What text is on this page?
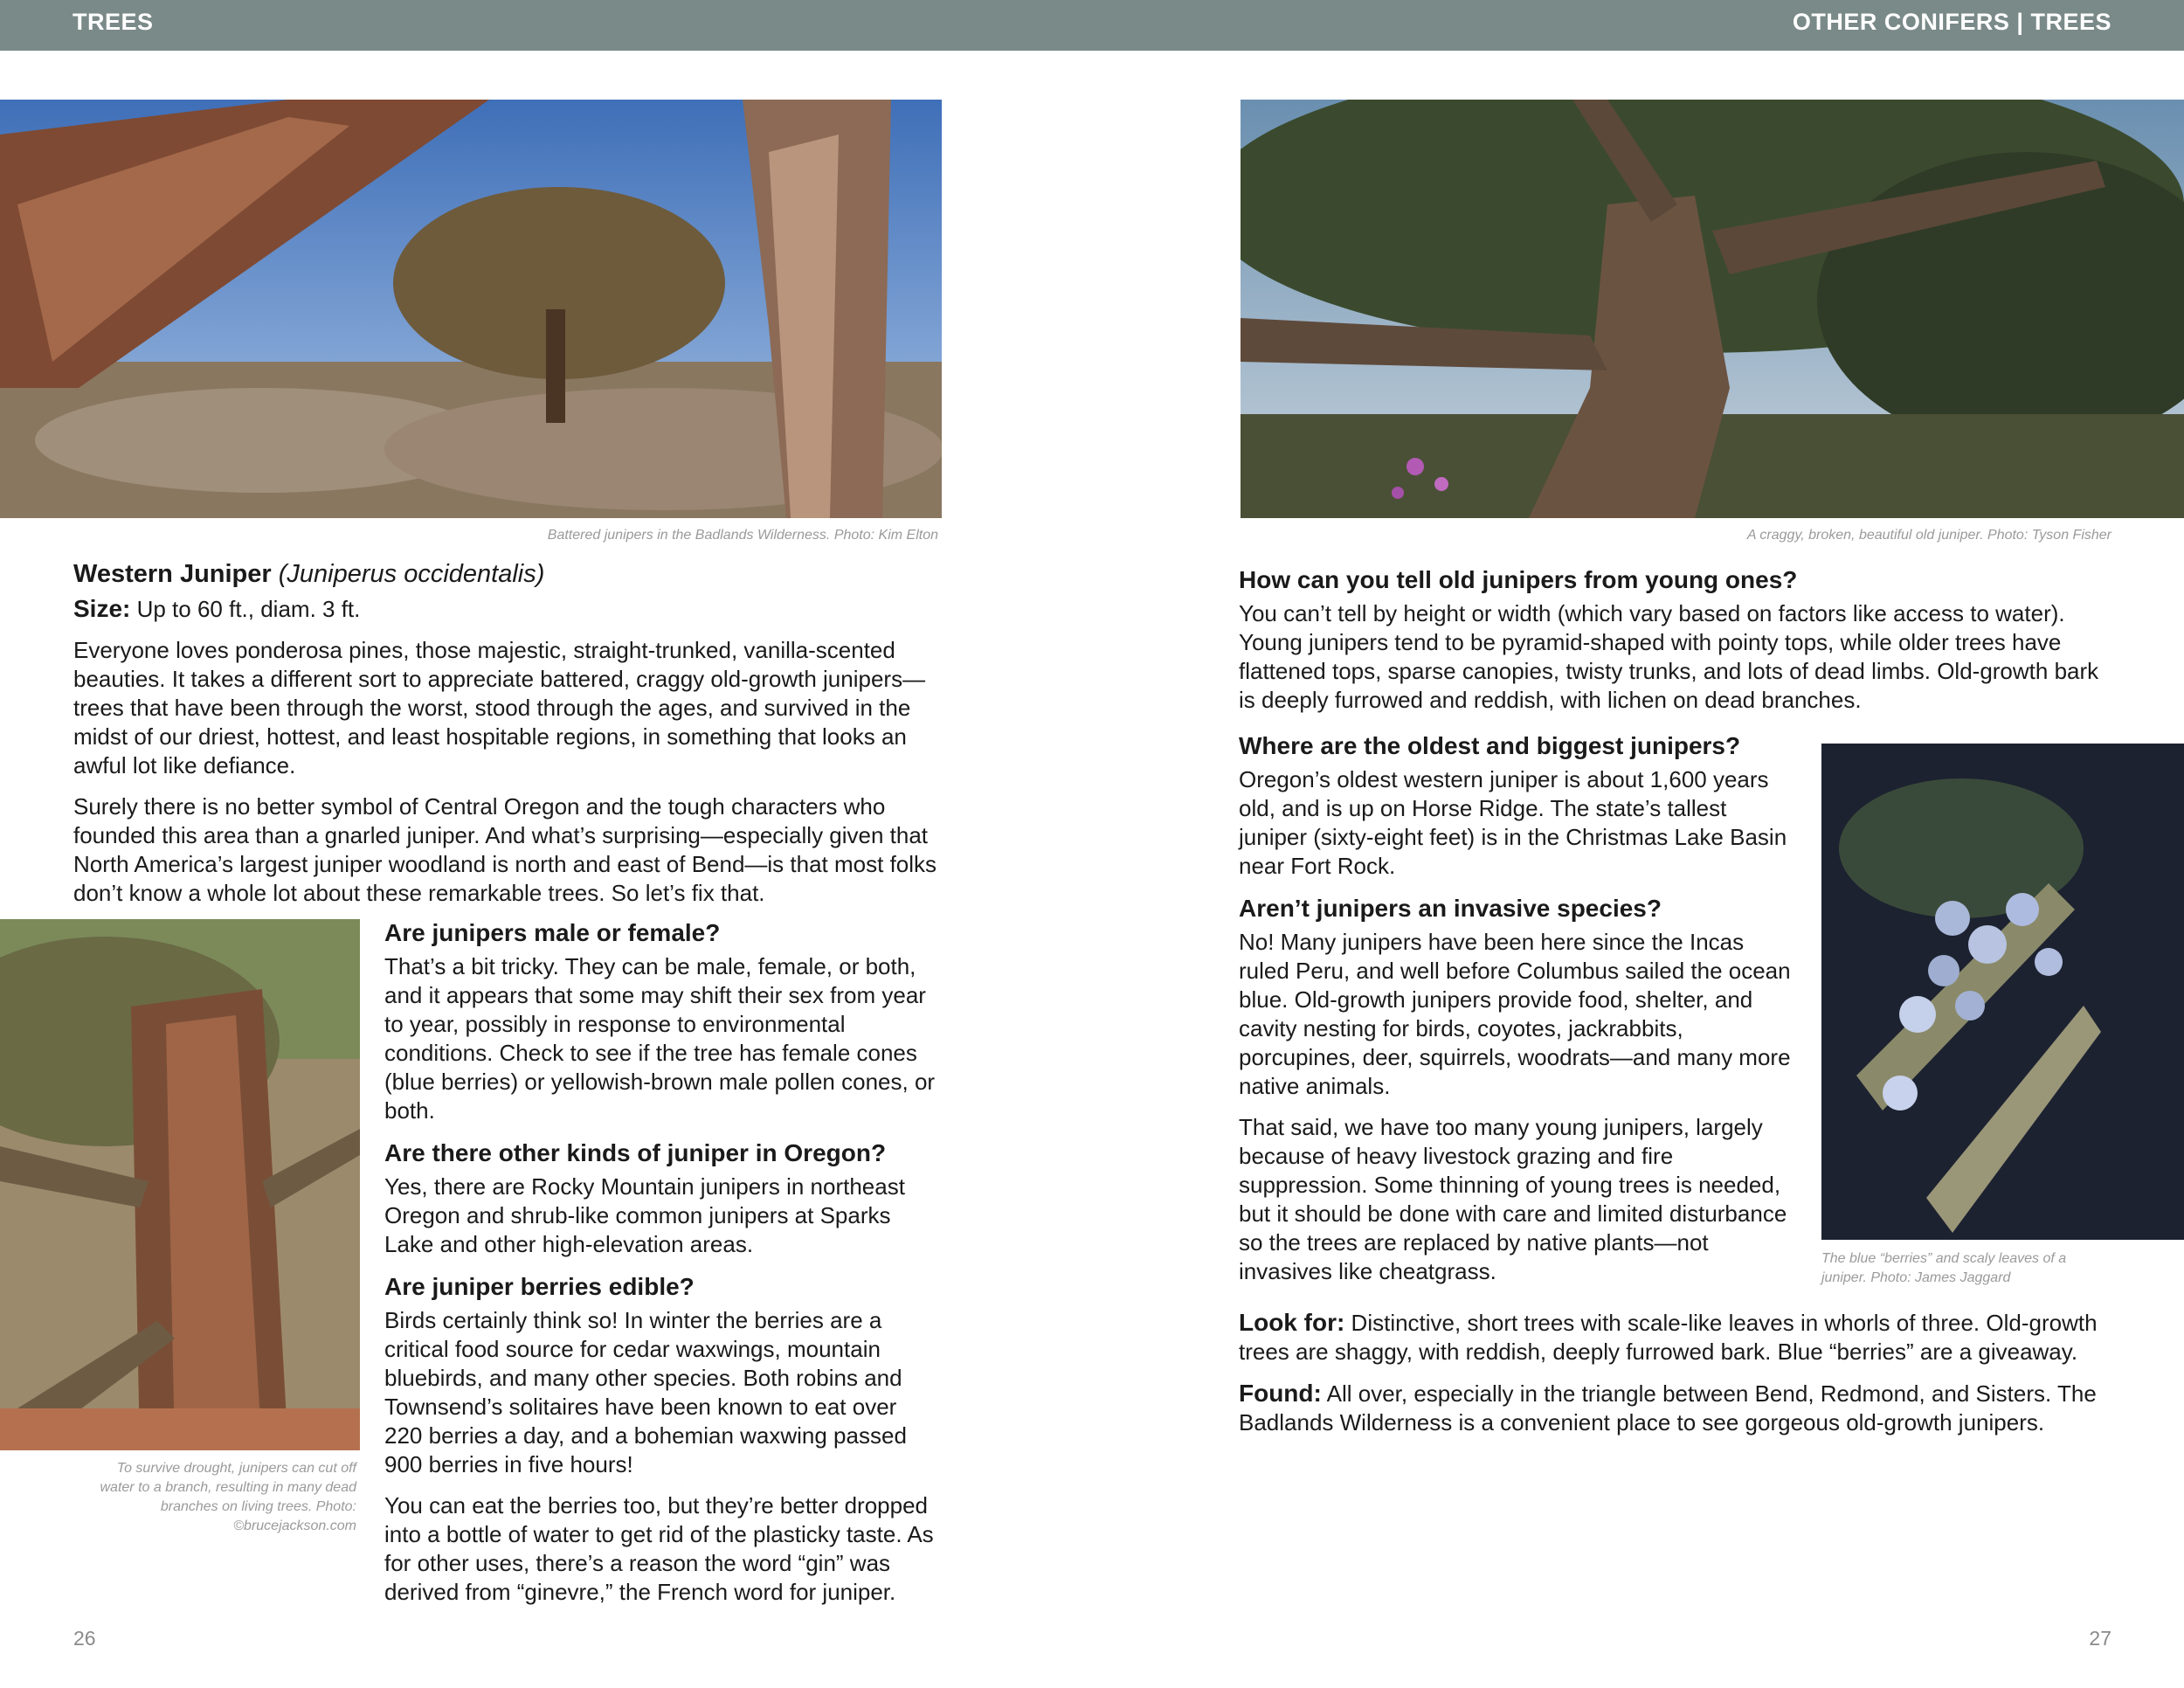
TREES	OTHER CONIFERS | TREES
Battered junipers in the Badlands Wilderness. Photo: Kim Elton	A craggy, broken, beautiful old juniper. Photo: Tyson Fisher
Western Juniper (Juniperus occidentalis)

Size: Up to 60 ft., diam. 3 ft.

Everyone loves ponderosa pines, those majestic, straight-trunked, vanilla-scented beauties. It takes a different sort to appreciate battered, craggy old-growth junipers—trees that have been through the worst, stood through the ages, and survived in the midst of our driest, hottest, and least hospitable regions, in something that looks an awful lot like defiance.

Surely there is no better symbol of Central Oregon and the tough characters who founded this area than a gnarled juniper. And what’s surprising—especially given that North America’s largest juniper woodland is north and east of Bend—is that most folks don’t know a whole lot about these remarkable trees. So let’s fix that.

To survive drought, junipers can cut off water to a branch, resulting in many dead branches on living trees. Photo: ©brucejackson.com
Are junipers male or female?

That’s a bit tricky. They can be male, female, or both, and it appears that some may shift their sex from year to year, possibly in response to environmental conditions. Check to see if the tree has female cones (blue berries) or yellowish-brown male pollen cones, or both.

Are there other kinds of juniper in Oregon?

Yes, there are Rocky Mountain junipers in northeast Oregon and shrub-like common junipers at Sparks Lake and other high-elevation areas.

Are juniper berries edible?

Birds certainly think so! In winter the berries are a critical food source for cedar waxwings, mountain bluebirds, and many other species. Both robins and Townsend’s solitaires have been known to eat over 220 berries a day, and a bohemian waxwing passed 900 berries in five hours!

You can eat the berries too, but they’re better dropped into a bottle of water to get rid of the plasticky taste. As for other uses, there’s a reason the word “gin” was derived from “ginevre,” the French word for juniper.

26
How can you tell old junipers from young ones?

You can’t tell by height or width (which vary based on factors like access to water). Young junipers tend to be pyramid-shaped with pointy tops, while older trees have flattened tops, sparse canopies, twisty trunks, and lots of dead limbs. Old-growth bark is deeply furrowed and reddish, with lichen on dead branches.

Where are the oldest and biggest junipers?

Oregon’s oldest western juniper is about 1,600 years old, and is up on Horse Ridge. The state’s tallest juniper (sixty-eight feet) is in the Christmas Lake Basin near Fort Rock.

Aren’t junipers an invasive species?

No! Many junipers have been here since the Incas ruled Peru, and well before Columbus sailed the ocean blue. Old-growth junipers provide food, shelter, and cavity nesting for birds, coyotes, jackrabbits, porcupines, deer, squirrels, woodrats—and many more native animals.

That said, we have too many young junipers, largely because of heavy livestock grazing and fire suppression. Some thinning of young trees is needed, but it should be done with care and limited disturbance so the trees are replaced by native plants—not invasives like cheatgrass.	The blue “berries” and scaly leaves of a juniper. Photo: James Jaggard

Look for: Distinctive, short trees with scale-like leaves in whorls of three. Old-growth trees are shaggy, with reddish, deeply furrowed bark. Blue “berries” are a giveaway.

Found: All over, especially in the triangle between Bend, Redmond, and Sisters. The Badlands Wilderness is a convenient place to see gorgeous old-growth junipers.

27
